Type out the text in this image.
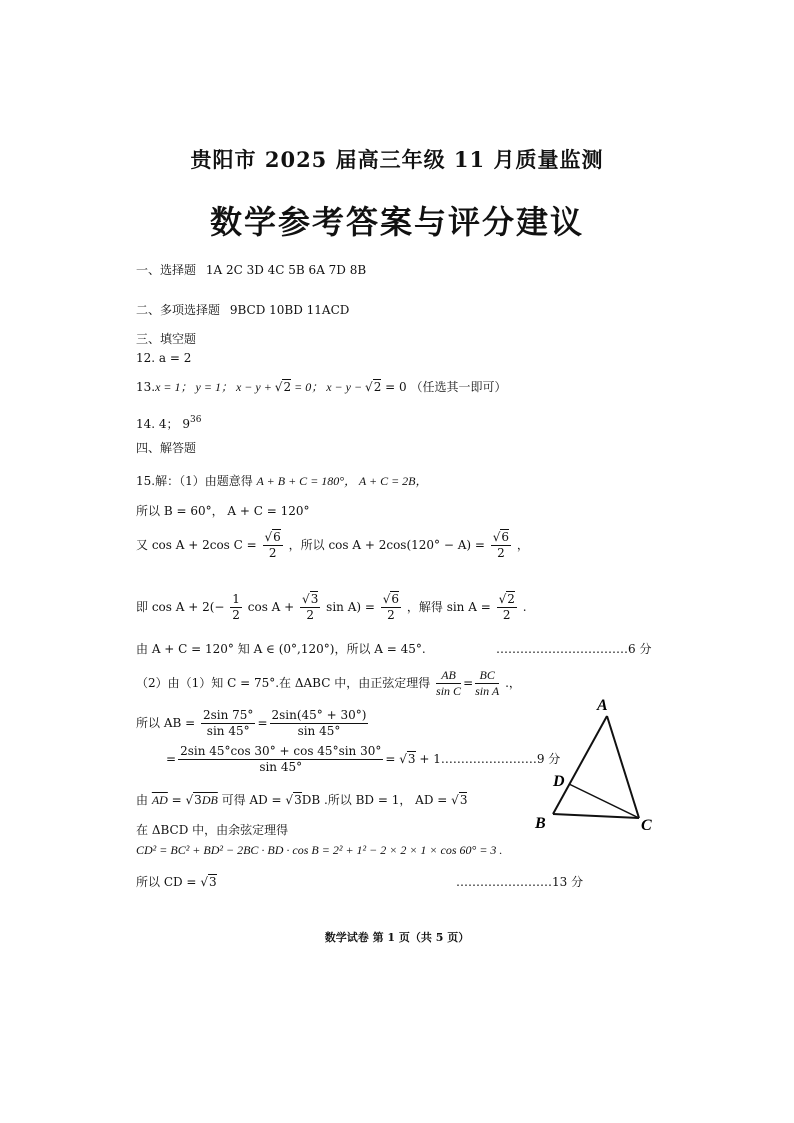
贵阳市 2025 届高三年级 11 月质量监测
数学参考答案与评分建议
一、选择题 1A 2C 3D 4C 5B 6A 7D 8B
二、多项选择题 9BCD 10BD 11ACD
三、填空题
12. a = 2
13.x = 1； y = 1； x − y + √2 = 0； x − y − √2 = 0 （任选其一即可）
14. 4； $9^{36}$
四、解答题
15.解：（1）由题意得 A + B + C = 180°， A + C = 2B，
所以 B = 60°， A + C = 120°
又 cos A + 2cos $C = \frac{√6}{2}$ ，所以 $\cos A + 2\cos(120^\circ - A) = \frac{√6}{2}$ ，
即 $\cos A + 2(- \frac{1}{2}$ $\cos A + \frac{√3}{2}$ $\sin A) = \frac{√6}{2}$ ，解得 $\sin A = \frac{√2}{2}$ .
由 A + C = 120° 知 A ∈ (0°,120°)，所以 A = 45°.	……………………………6 分
（2）由（1）知 C = 75°.在 ΔABC 中，由正弦定理得 $\frac{AB}{\text{sin C}} = \frac{BC}{\text{sin A}}$ .，
所以 AB = $\frac{2\sin 75^\circ}{\sin 45^\circ} = \frac{2\sin(45^\circ + 30^\circ)}{\sin 45^\circ}$
= $\frac{2\sin 45^\circ\cos 30^\circ + \cos 45^\circ\sin 30^\circ}{\sin 45^\circ} = √3$ + 1……………………9 分
由 $\overline{AD} = √3\overline{DB}$ 可得 AD = √3DB .所以 BD = 1， AD = √3
在 ΔBCD 中，由余弦定理得
CD² = BC² + BD² − 2BC · BD · cos B = 2² + 1² − 2 × 2 × 1 × cos 60° = 3 .
所以 CD = √3	……………………13 分
A
B	C
D
数学试卷 第 1 页（共 5 页）
